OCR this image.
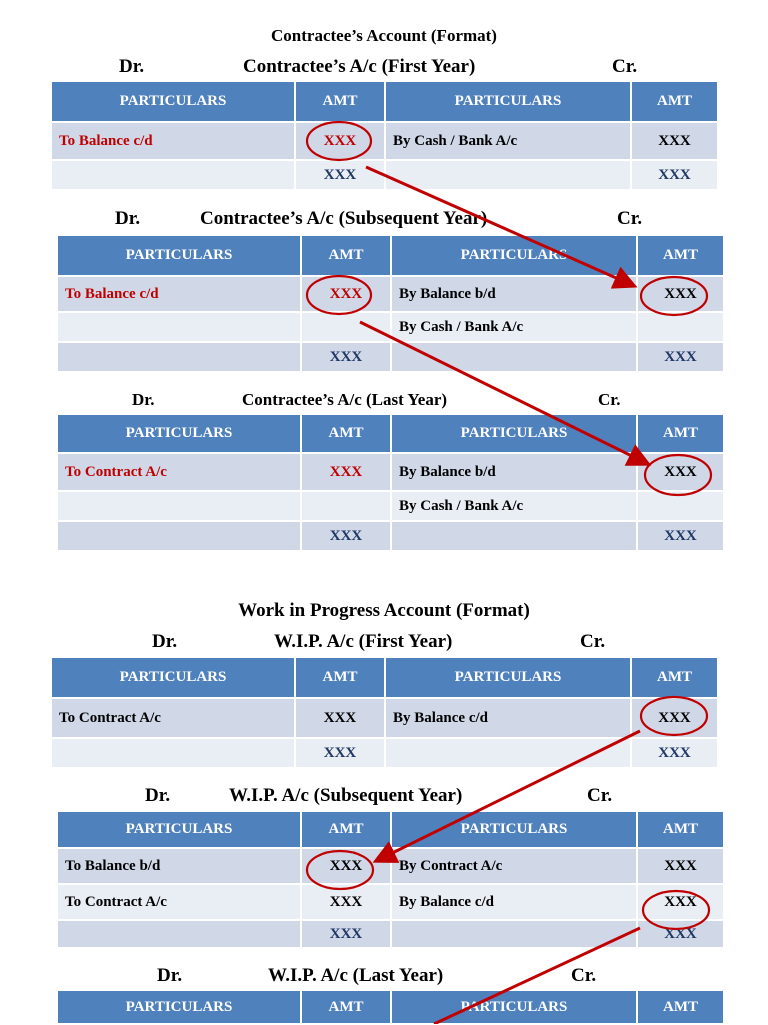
Contractee’s Account (Format)
Dr.	Contractee’s A/c (First Year)	Cr.
PARTICULARS	AMT	PARTICULARS	AMT
To Balance c/d	XXX	By Cash / Bank A/c	XXX
	XXX		XXX
Dr.	Contractee’s A/c (Subsequent Year)	Cr.
PARTICULARS	AMT	PARTICULARS	AMT
To Balance c/d	XXX	By Balance b/d	XXX
		By Cash / Bank A/c	
	XXX		XXX
Dr.	Contractee’s A/c (Last Year)	Cr.
PARTICULARS	AMT	PARTICULARS	AMT
To Contract A/c	XXX	By Balance b/d	XXX
		By Cash / Bank A/c	
	XXX		XXX
Work in Progress Account (Format)
Dr.	W.I.P. A/c (First Year)	Cr.
PARTICULARS	AMT	PARTICULARS	AMT
To Contract A/c	XXX	By Balance c/d	XXX
	XXX		XXX
Dr.	W.I.P. A/c (Subsequent Year)	Cr.
PARTICULARS	AMT	PARTICULARS	AMT
To Balance b/d	XXX	By Contract A/c	XXX
To Contract A/c	XXX	By Balance c/d	XXX
	XXX		XXX
Dr.	W.I.P. A/c (Last Year)	Cr.
PARTICULARS	AMT	PARTICULARS	AMT
